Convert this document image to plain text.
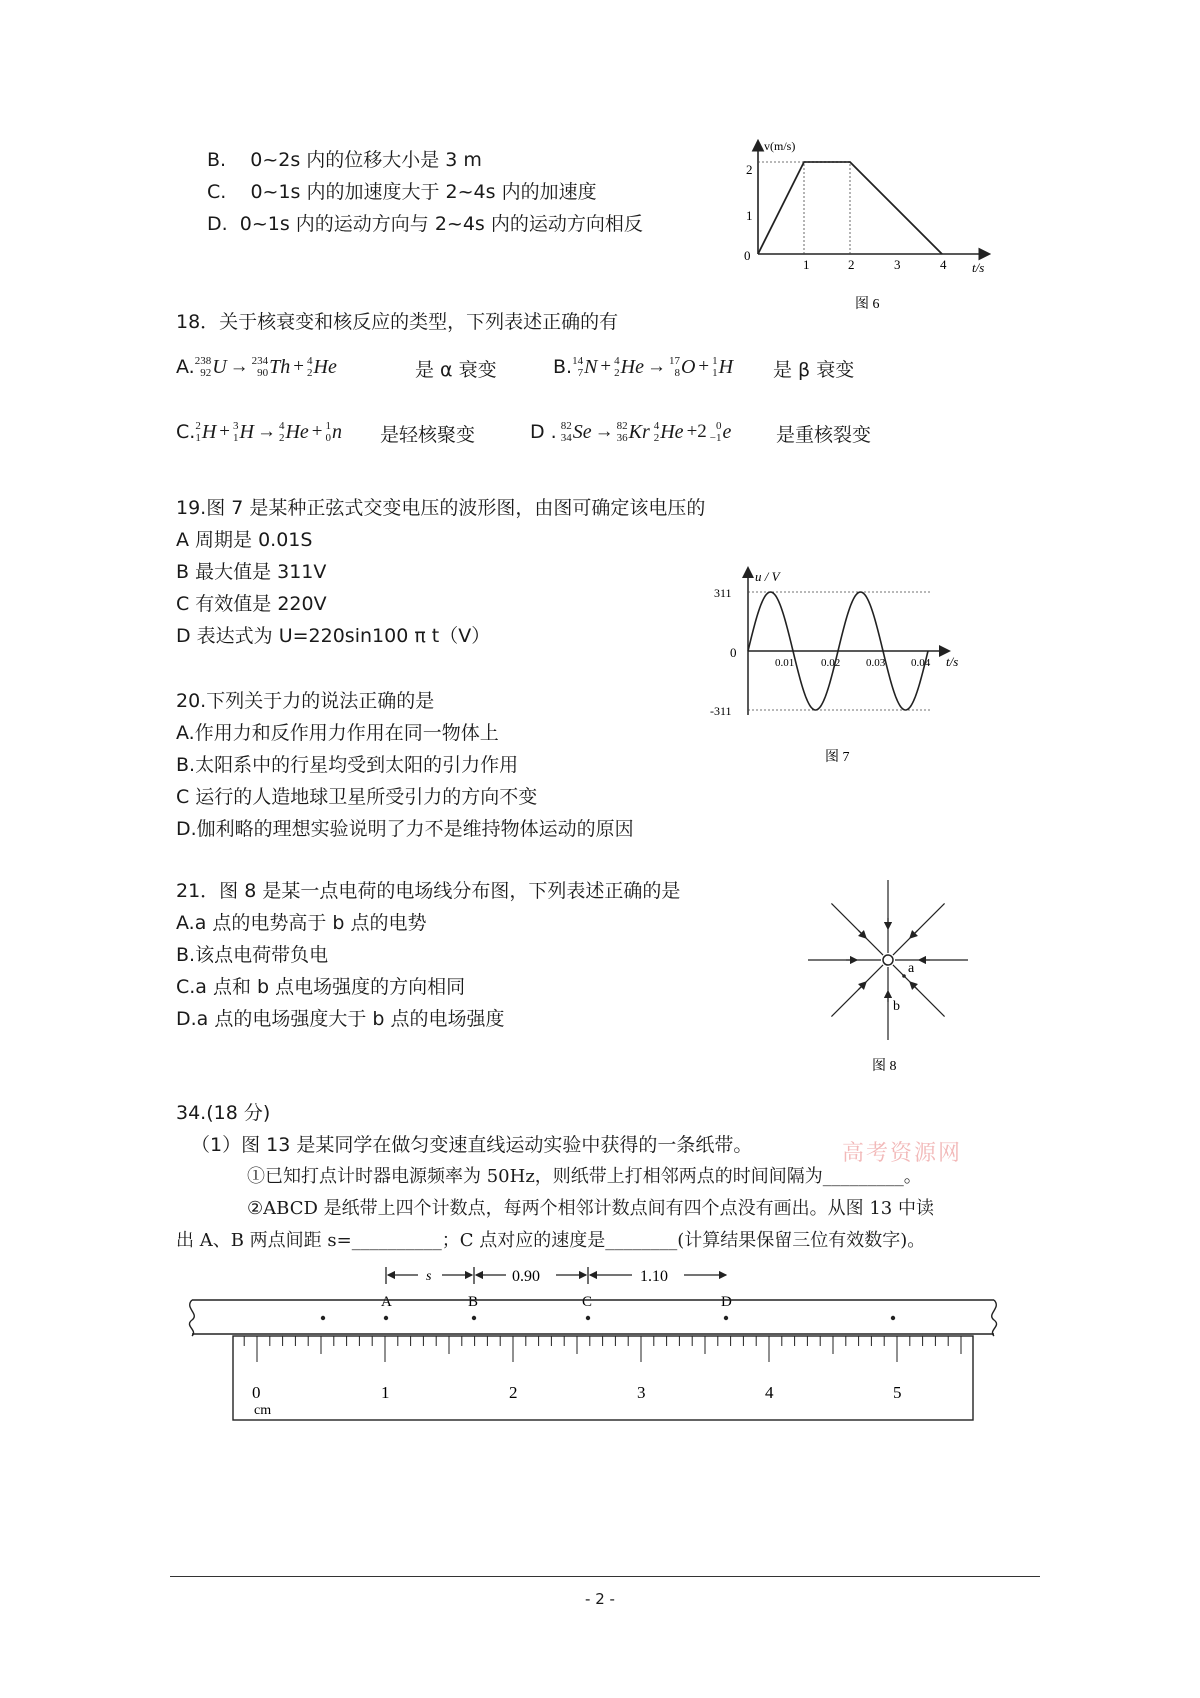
B.    0~2s 内的位移大小是 3 m
C.    0~1s 内的加速度大于 2~4s 内的加速度
D.  0~1s 内的运动方向与 2~4s 内的运动方向相反
v(m/s)
t/s
0
1
2
1	2	3	4
图 6
18．关于核衰变和核反应的类型，下列表述正确的有
A. 238
92 U → 234
90 Th + 4
2 He	是 α 衰变	B. 14
7 N + 4
2 He → 17
8 O + 1
1 H 是 β 衰变
C. 2
1 H + 3
1 H → 4
2 He + 1
0 n 是轻核聚变	D . 82
34 Se → 82
36 Kr 4
2 He +2 0
−1 e 是重核裂变
19.图 7 是某种正弦式交变电压的波形图，由图可确定该电压的
A 周期是 0.01S
B 最大值是 311V
C 有效值是 220V
D 表达式为 U=220sin100 π t（V）
u / V
t/s
311
-311
0
0.01 0.02 0.03 0.04
图 7
20.下列关于力的说法正确的是
A.作用力和反作用力作用在同一物体上
B.太阳系中的行星均受到太阳的引力作用
C 运行的人造地球卫星所受引力的方向不变
D.伽利略的理想实验说明了力不是维持物体运动的原因
21．图 8 是某一点电荷的电场线分布图，下列表述正确的是
A.a 点的电势高于 b 点的电势
B.该点电荷带负电
C.a 点和 b 点电场强度的方向相同
D.a 点的电场强度大于 b 点的电场强度
a
b
图 8
34.(18 分)
（1）图 13 是某同学在做匀变速直线运动实验中获得的一条纸带。
①已知打点计时器电源频率为 50Hz，则纸带上打相邻两点的时间间隔为_________。
②ABCD 是纸带上四个计数点，每两个相邻计数点间有四个点没有画出。从图 13 中读
出 A、B 两点间距 s=__________；C 点对应的速度是________(计算结果保留三位有效数字)。
高考资源网
s	0.90	1.10
A	B	C	D
0	1	2	3	4	5
cm
- 2 -
